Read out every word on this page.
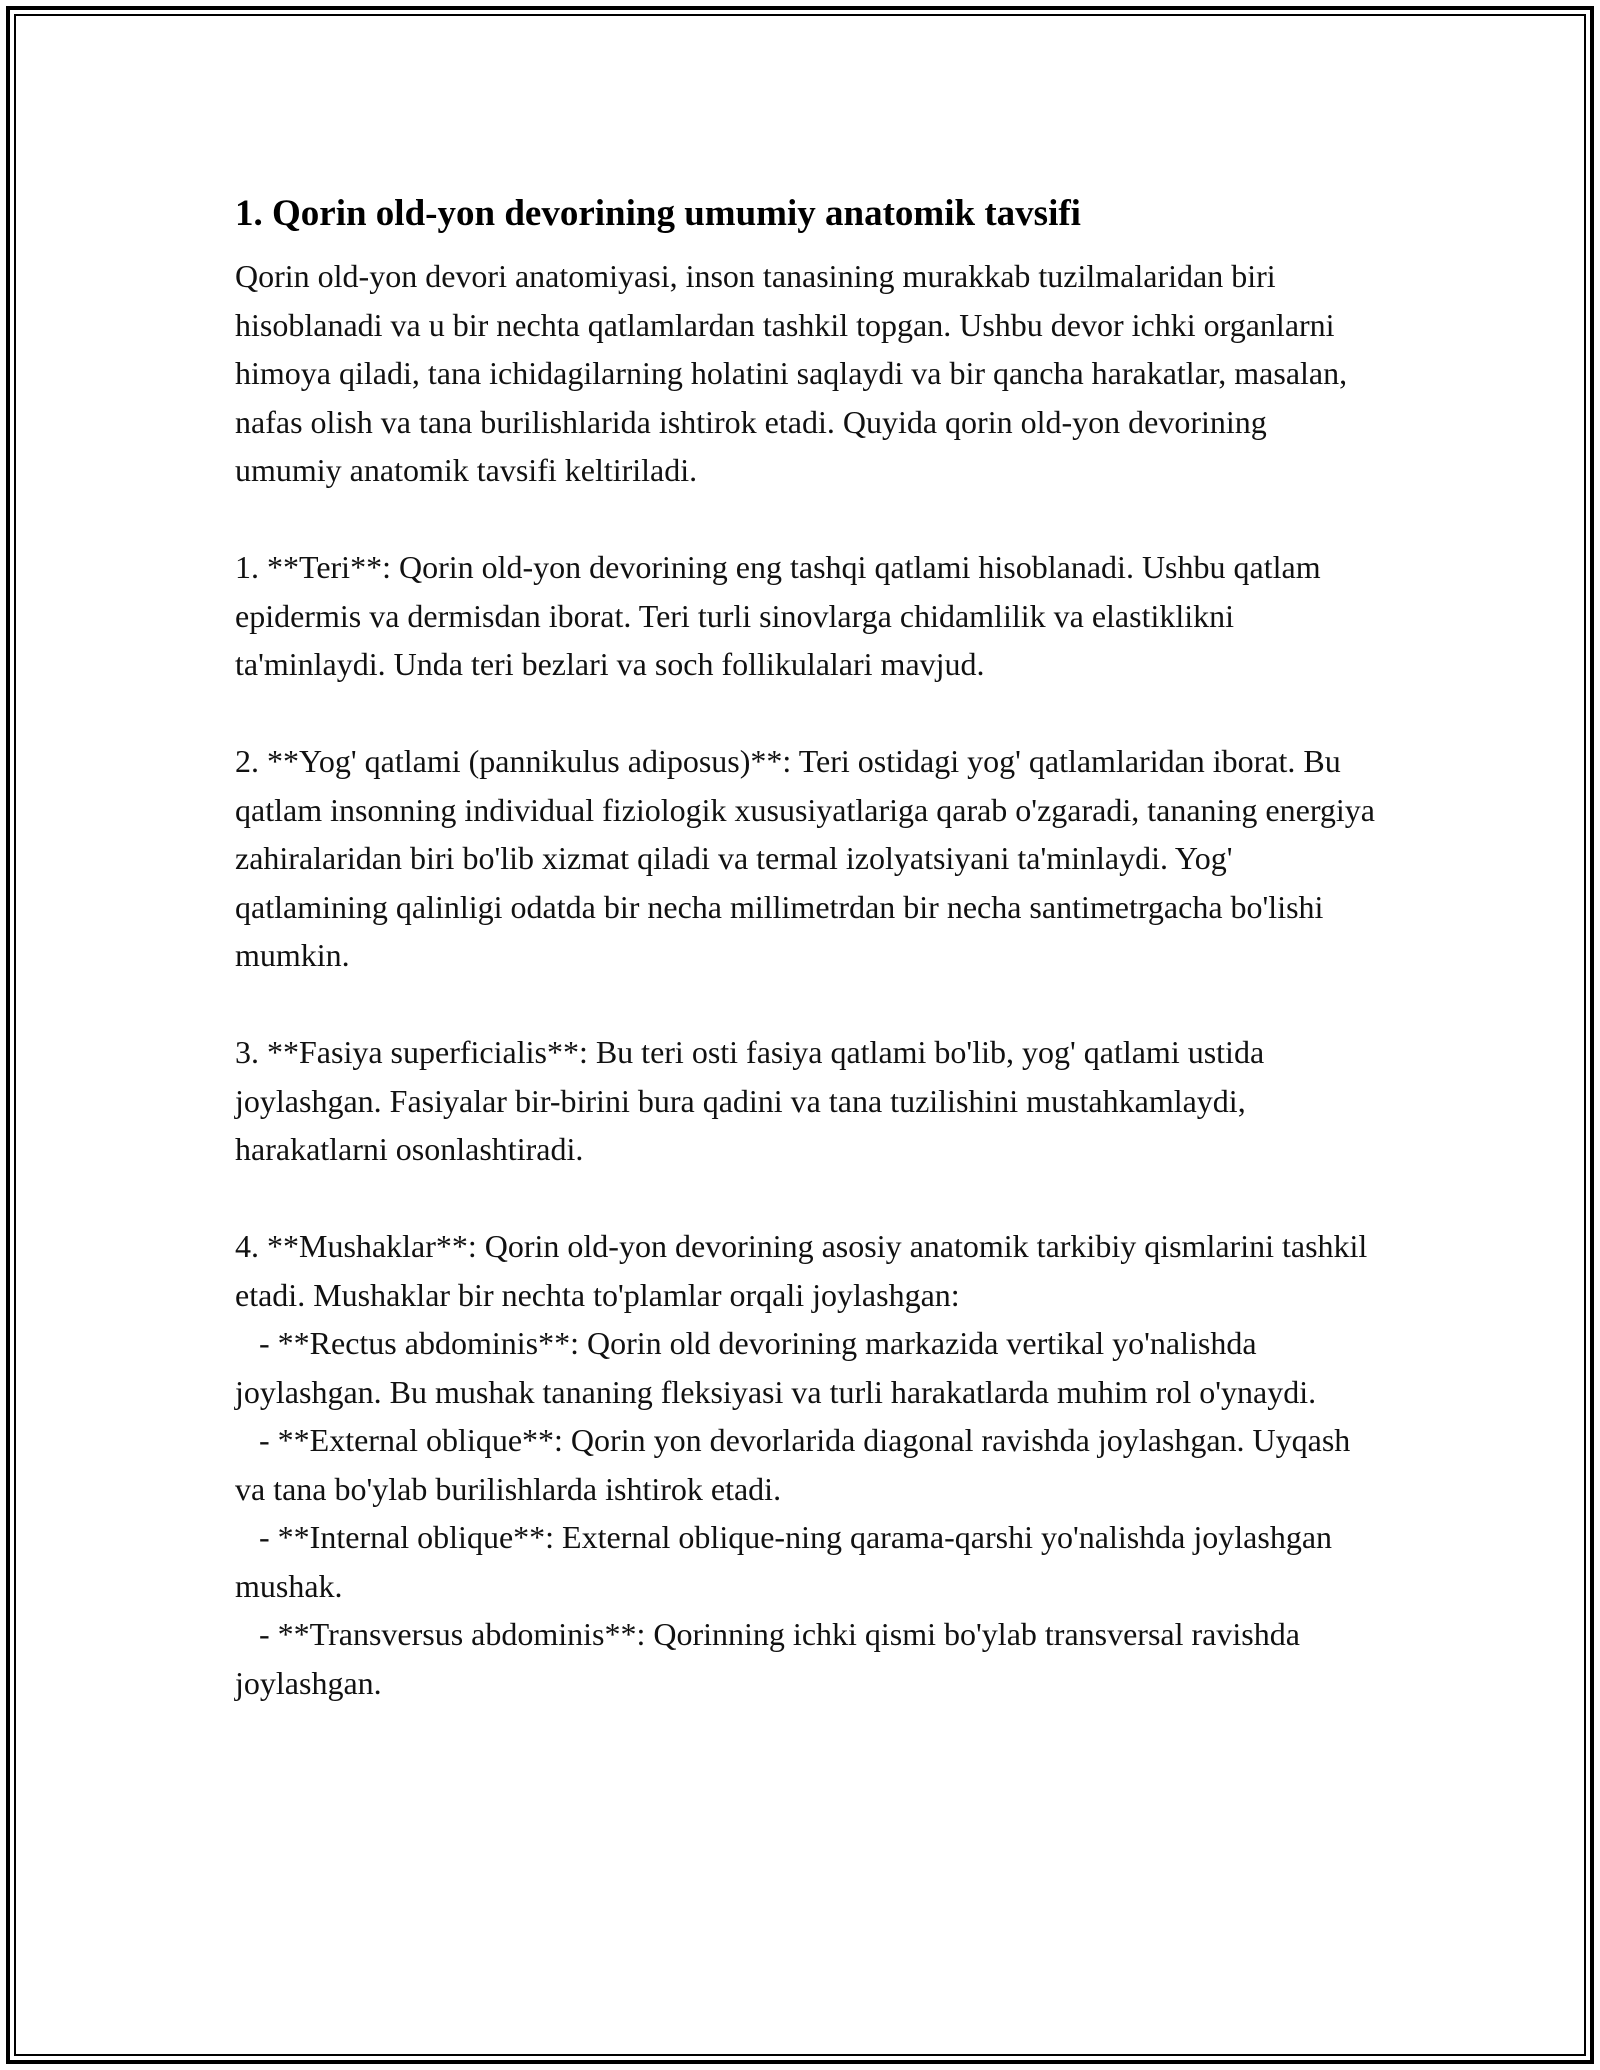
1. Qorin old-yon devorining umumiy anatomik tavsifi

Qorin old-yon devori anatomiyasi, inson tanasining murakkab tuzilmalaridan biri hisoblanadi va u bir nechta qatlamlardan tashkil topgan. Ushbu devor ichki organlarni himoya qiladi, tana ichidagilarning holatini saqlaydi va bir qancha harakatlar, masalan, nafas olish va tana burilishlarida ishtirok etadi. Quyida qorin old-yon devorining umumiy anatomik tavsifi keltiriladi.

1. **Teri**: Qorin old-yon devorining eng tashqi qatlami hisoblanadi. Ushbu qatlam epidermis va dermisdan iborat. Teri turli sinovlarga chidamlilik va elastiklikni ta'minlaydi. Unda teri bezlari va soch follikulalari mavjud.

2. **Yog' qatlami (pannikulus adiposus)**: Teri ostidagi yog' qatlamlaridan iborat. Bu qatlam insonning individual fiziologik xususiyatlariga qarab o'zgaradi, tananing energiya zahiralaridan biri bo'lib xizmat qiladi va termal izolyatsiyani ta'minlaydi. Yog' qatlamining qalinligi odatda bir necha millimetrdan bir necha santimetrgacha bo'lishi mumkin.

3. **Fasiya superficialis**: Bu teri osti fasiya qatlami bo'lib, yog' qatlami ustida joylashgan. Fasiyalar bir-birini bura qadini va tana tuzilishini mustahkamlaydi, harakatlarni osonlashtiradi.

4. **Mushaklar**: Qorin old-yon devorining asosiy anatomik tarkibiy qismlarini tashkil etadi. Mushaklar bir nechta to'plamlar orqali joylashgan:

- **Rectus abdominis**: Qorin old devorining markazida vertikal yo'nalishda joylashgan. Bu mushak tananing fleksiyasi va turli harakatlarda muhim rol o'ynaydi.

- **External oblique**: Qorin yon devorlarida diagonal ravishda joylashgan. Uyqash va tana bo'ylab burilishlarda ishtirok etadi.

- **Internal oblique**: External oblique-ning qarama-qarshi yo'nalishda joylashgan mushak.

- **Transversus abdominis**: Qorinning ichki qismi bo'ylab transversal ravishda joylashgan.
